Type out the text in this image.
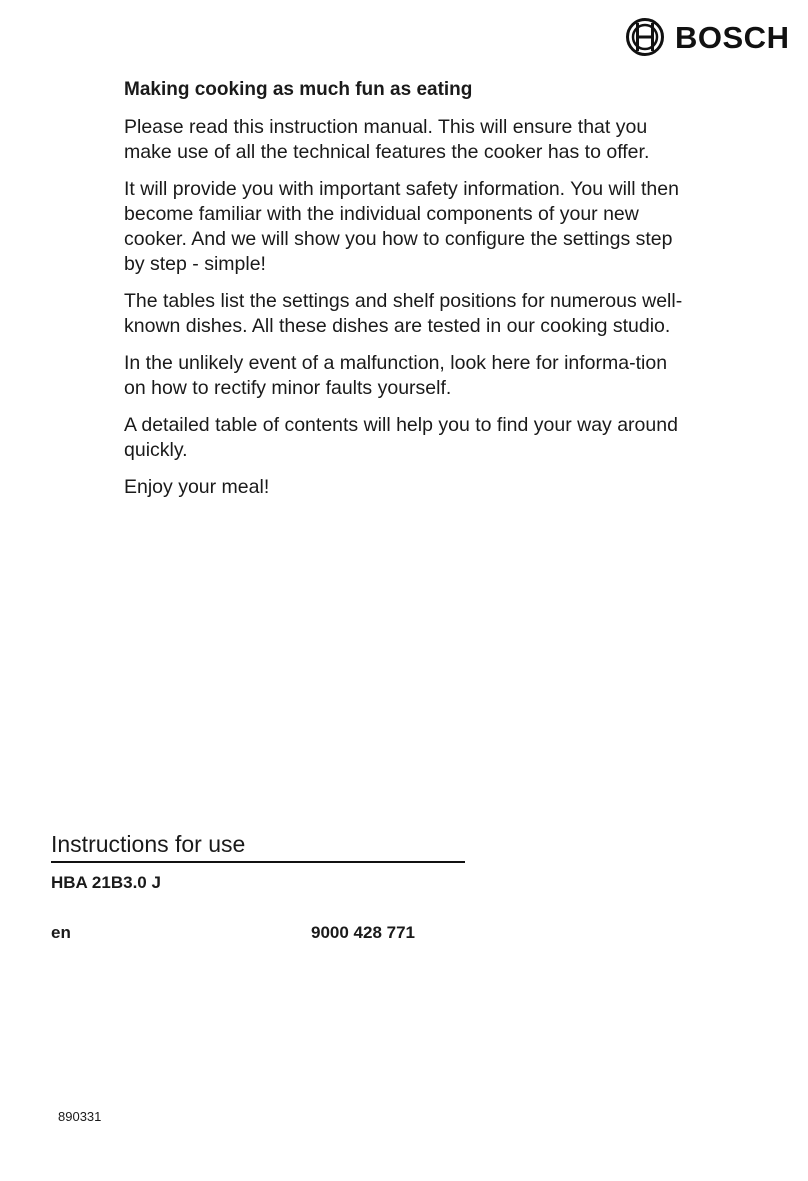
BOSCH
Making cooking as much fun as eating

Please read this instruction manual. This will ensure that you make use of all the technical features the cooker has to offer.

It will provide you with important safety information. You will then become familiar with the individual components of your new cooker. And we will show you how to configure the settings step by step - simple!

The tables list the settings and shelf positions for numerous well-known dishes. All these dishes are tested in our cooking studio.

In the unlikely event of a malfunction, look here for informa-tion on how to rectify minor faults yourself.

A detailed table of contents will help you to find your way around quickly.

Enjoy your meal!

Instructions for use
HBA 21B3.0 J
en	9000 428 771
890331
